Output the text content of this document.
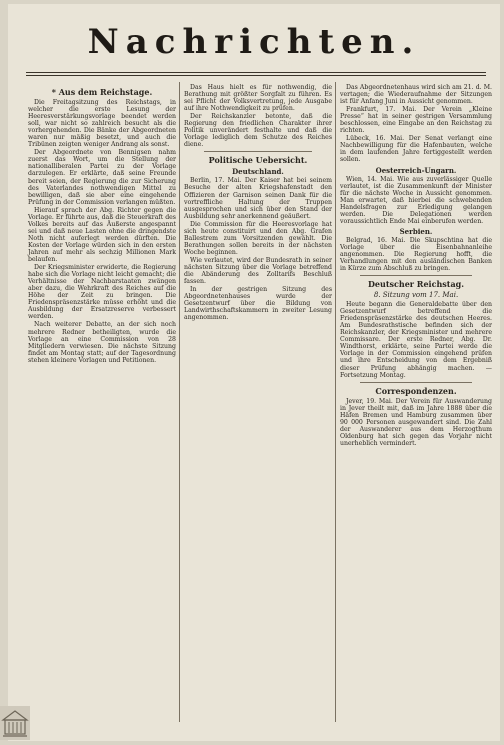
Nachrichten.
* Aus dem Reichstage.

Die Freitagsitzung des Reichstags, in welcher die erste Lesung der Heeresverstärkungsvorlage beendet werden soll, war nicht so zahlreich besucht als die vorhergehenden. Die Bänke der Abgeordneten waren nur mäßig besetzt, und auch die Tribünen zeigten weniger Andrang als sonst.

Der Abgeordnete von Bennigsen nahm zuerst das Wort, um die Stellung der nationalliberalen Partei zu der Vorlage darzulegen. Er erklärte, daß seine Freunde bereit seien, der Regierung die zur Sicherung des Vaterlandes nothwendigen Mittel zu bewilligen, daß sie aber eine eingehende Prüfung in der Commission verlangen müßten.

Hierauf sprach der Abg. Richter gegen die Vorlage. Er führte aus, daß die Steuerkraft des Volkes bereits auf das Äußerste angespannt sei und daß neue Lasten ohne die dringendste Noth nicht auferlegt werden dürften. Die Kosten der Vorlage würden sich in den ersten Jahren auf mehr als sechzig Millionen Mark belaufen.

Der Kriegsminister erwiderte, die Regierung habe sich die Vorlage nicht leicht gemacht; die Verhältnisse der Nachbarstaaten zwängen aber dazu, die Wehrkraft des Reiches auf die Höhe der Zeit zu bringen. Die Friedenspräsenzstärke müsse erhöht und die Ausbildung der Ersatzreserve verbessert werden.

Nach weiterer Debatte, an der sich noch mehrere Redner betheiligten, wurde die Vorlage an eine Commission von 28 Mitgliedern verwiesen. Die nächste Sitzung findet am Montag statt; auf der Tagesordnung stehen kleinere Vorlagen und Petitionen.

Das Haus hielt es für nothwendig, die Berathung mit größter Sorgfalt zu führen. Es sei Pflicht der Volksvertretung, jede Ausgabe auf ihre Nothwendigkeit zu prüfen.

Der Reichskanzler betonte, daß die Regierung den friedlichen Charakter ihrer Politik unverändert festhalte und daß die Vorlage lediglich dem Schutze des Reiches diene.

Politische Uebersicht.
Deutschland.

Berlin, 17. Mai. Der Kaiser hat bei seinem Besuche der alten Kriegshafenstadt den Offizieren der Garnison seinen Dank für die vortreffliche Haltung der Truppen ausgesprochen und sich über den Stand der Ausbildung sehr anerkennend geäußert.

Die Commission für die Heeresvorlage hat sich heute constituirt und den Abg. Grafen Ballestrem zum Vorsitzenden gewählt. Die Berathungen sollen bereits in der nächsten Woche beginnen.

Wie verlautet, wird der Bundesrath in seiner nächsten Sitzung über die Vorlage betreffend die Abänderung des Zolltarifs Beschluß fassen.

In der gestrigen Sitzung des Abgeordnetenhauses wurde der Gesetzentwurf über die Bildung von Landwirthschaftskammern in zweiter Lesung angenommen.

Das Abgeordnetenhaus wird sich am 21. d. M. vertagen; die Wiederaufnahme der Sitzungen ist für Anfang Juni in Aussicht genommen.

Frankfurt, 17. Mai. Der Verein „Kleine Presse“ hat in seiner gestrigen Versammlung beschlossen, eine Eingabe an den Reichstag zu richten.

Lübeck, 16. Mai. Der Senat verlangt eine Nachbewilligung für die Hafenbauten, welche in dem laufenden Jahre fertiggestellt werden sollen.

Oesterreich-Ungarn.

Wien, 14. Mai. Wie aus zuverlässiger Quelle verlautet, ist die Zusammenkunft der Minister für die nächste Woche in Aussicht genommen. Man erwartet, daß hierbei die schwebenden Handelsfragen zur Erledigung gelangen werden. Die Delegationen werden voraussichtlich Ende Mai einberufen werden.

Serbien.

Belgrad, 16. Mai. Die Skupschtina hat die Vorlage über die Eisenbahnanleihe angenommen. Die Regierung hofft, die Verhandlungen mit den ausländischen Banken in Kürze zum Abschluß zu bringen.

Deutscher Reichstag.
8. Sitzung vom 17. Mai.

Heute begann die Generaldebatte über den Gesetzentwurf betreffend die Friedenspräsenzstärke des deutschen Heeres. Am Bundesrathstische befinden sich der Reichskanzler, der Kriegsminister und mehrere Commissare. Der erste Redner, Abg. Dr. Windthorst, erklärte, seine Partei werde die Vorlage in der Commission eingehend prüfen und ihre Entscheidung von dem Ergebniß dieser Prüfung abhängig machen. — Fortsetzung Montag.

Correspondenzen.

Jever, 19. Mai. Der Verein für Auswanderung in Jever theilt mit, daß im Jahre 1888 über die Häfen Bremen und Hamburg zusammen über 90 000 Personen ausgewandert sind. Die Zahl der Auswanderer aus dem Herzogthum Oldenburg hat sich gegen das Vorjahr nicht unerheblich vermindert.
